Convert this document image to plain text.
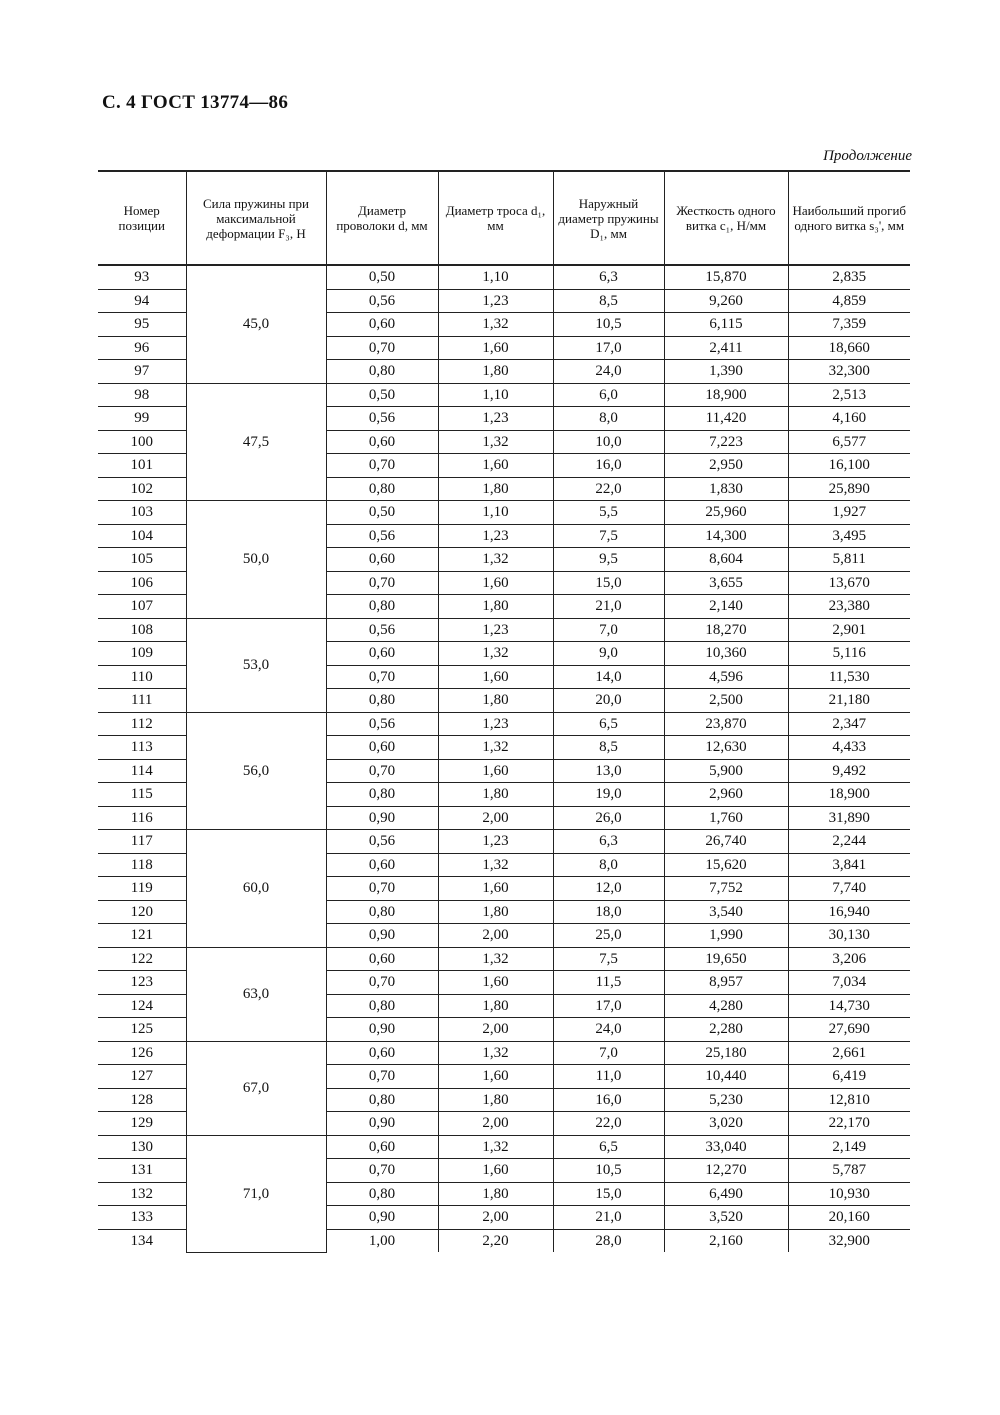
С. 4 ГОСТ 13774—86
Продолжение
Номер позиции	Сила пружины при максимальной деформации F₃, Н	Диаметр проволоки d, мм	Диаметр троса d₁, мм	Наружный диаметр пружины D₁, мм	Жесткость одного витка c₁, Н/мм	Наибольший прогиб одного витка s₃', мм
93	45,0	0,50	1,10	6,3	15,870	2,835
94		0,56	1,23	8,5	9,260	4,859
95		0,60	1,32	10,5	6,115	7,359
96		0,70	1,60	17,0	2,411	18,660
97		0,80	1,80	24,0	1,390	32,300
98	47,5	0,50	1,10	6,0	18,900	2,513
99		0,56	1,23	8,0	11,420	4,160
100		0,60	1,32	10,0	7,223	6,577
101		0,70	1,60	16,0	2,950	16,100
102		0,80	1,80	22,0	1,830	25,890
103	50,0	0,50	1,10	5,5	25,960	1,927
104		0,56	1,23	7,5	14,300	3,495
105		0,60	1,32	9,5	8,604	5,811
106		0,70	1,60	15,0	3,655	13,670
107		0,80	1,80	21,0	2,140	23,380
108	53,0	0,56	1,23	7,0	18,270	2,901
109		0,60	1,32	9,0	10,360	5,116
110		0,70	1,60	14,0	4,596	11,530
111		0,80	1,80	20,0	2,500	21,180
112	56,0	0,56	1,23	6,5	23,870	2,347
113		0,60	1,32	8,5	12,630	4,433
114		0,70	1,60	13,0	5,900	9,492
115		0,80	1,80	19,0	2,960	18,900
116		0,90	2,00	26,0	1,760	31,890
117	60,0	0,56	1,23	6,3	26,740	2,244
118		0,60	1,32	8,0	15,620	3,841
119		0,70	1,60	12,0	7,752	7,740
120		0,80	1,80	18,0	3,540	16,940
121		0,90	2,00	25,0	1,990	30,130
122	63,0	0,60	1,32	7,5	19,650	3,206
123		0,70	1,60	11,5	8,957	7,034
124		0,80	1,80	17,0	4,280	14,730
125		0,90	2,00	24,0	2,280	27,690
126	67,0	0,60	1,32	7,0	25,180	2,661
127		0,70	1,60	11,0	10,440	6,419
128		0,80	1,80	16,0	5,230	12,810
129		0,90	2,00	22,0	3,020	22,170
130	71,0	0,60	1,32	6,5	33,040	2,149
131		0,70	1,60	10,5	12,270	5,787
132		0,80	1,80	15,0	6,490	10,930
133		0,90	2,00	21,0	3,520	20,160
134		1,00	2,20	28,0	2,160	32,900
